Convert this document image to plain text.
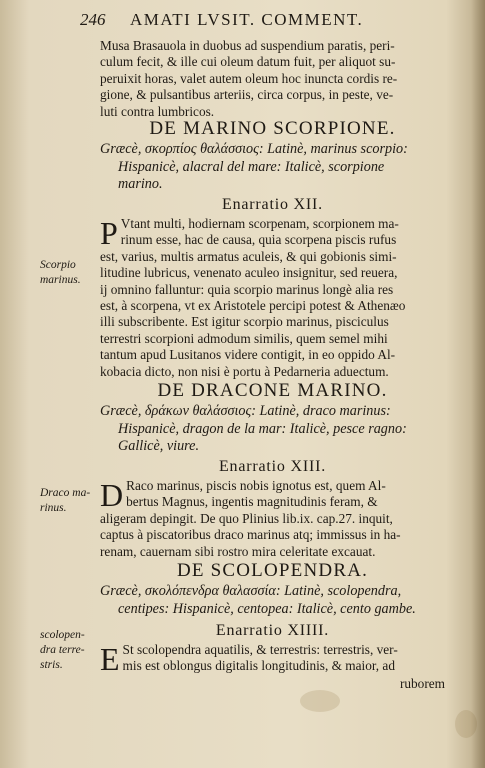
246 AMATI LVSIT. COMMENT.
Musa Brasauola in duobus ad suspendium paratis, peri-
culum fecit, & ille cui oleum datum fuit, per aliquot su-
peruixit horas, valet autem oleum hoc inuncta cordis re-
gione, & pulsantibus arteriis, circa corpus, in peste, ve-
luti contra lumbricos.
DE MARINO SCORPIONE.
Græcè, σκορπίος θαλάσσιος: Latinè, marinus scorpio:
Hispanicè, alacral del mare: Italicè, scorpione
marino.
Enarratio XII.
Scorpio
marinus.
P Vtant multi, hodiernam scorpenam, scorpionem ma-
rinum esse, hac de causa, quia scorpena piscis rufus
est, varius, multis armatus aculeis, & qui gobionis simi-
litudine lubricus, venenato aculeo insignitur, sed reuera,
ij omnino falluntur: quia scorpio marinus longè alia res
est, à scorpena, vt ex Aristotele percipi potest & Athenæo
illi subscribente. Est igitur scorpio marinus, pisciculus
terrestri scorpioni admodum similis, quem semel mihi
tantum apud Lusitanos videre contigit, in eo oppido Al-
kobacia dicto, non nisi è portu à Pedarneria aduectum.
DE DRACONE MARINO.
Græcè, δράκων θαλάσσιος: Latinè, draco marinus:
Hispanicè, dragon de la mar: Italicè, pesce ragno:
Gallicè, viure.
Enarratio XIII.
Draco ma-
rinus.	D Raco marinus, piscis nobis ignotus est, quem Al-
bertus Magnus, ingentis magnitudinis feram, &
aligeram depingit. De quo Plinius lib.ix. cap.27. inquit,
captus à piscatoribus draco marinus atq; immissus in ha-
renam, cauernam sibi rostro mira celeritate excauat.
DE SCOLOPENDRA.
Græcè, σκολόπενδρα θαλασσία: Latinè, scolopendra,
centipes: Hispanicè, centopea: Italicè, cento gambe.
Enarratio XIIII.
scolopen-
dra terre-
stris.	E St scolopendra aquatilis, & terrestris: terrestris, ver-
mis est oblongus digitalis longitudinis, & maior, ad
ruborem
